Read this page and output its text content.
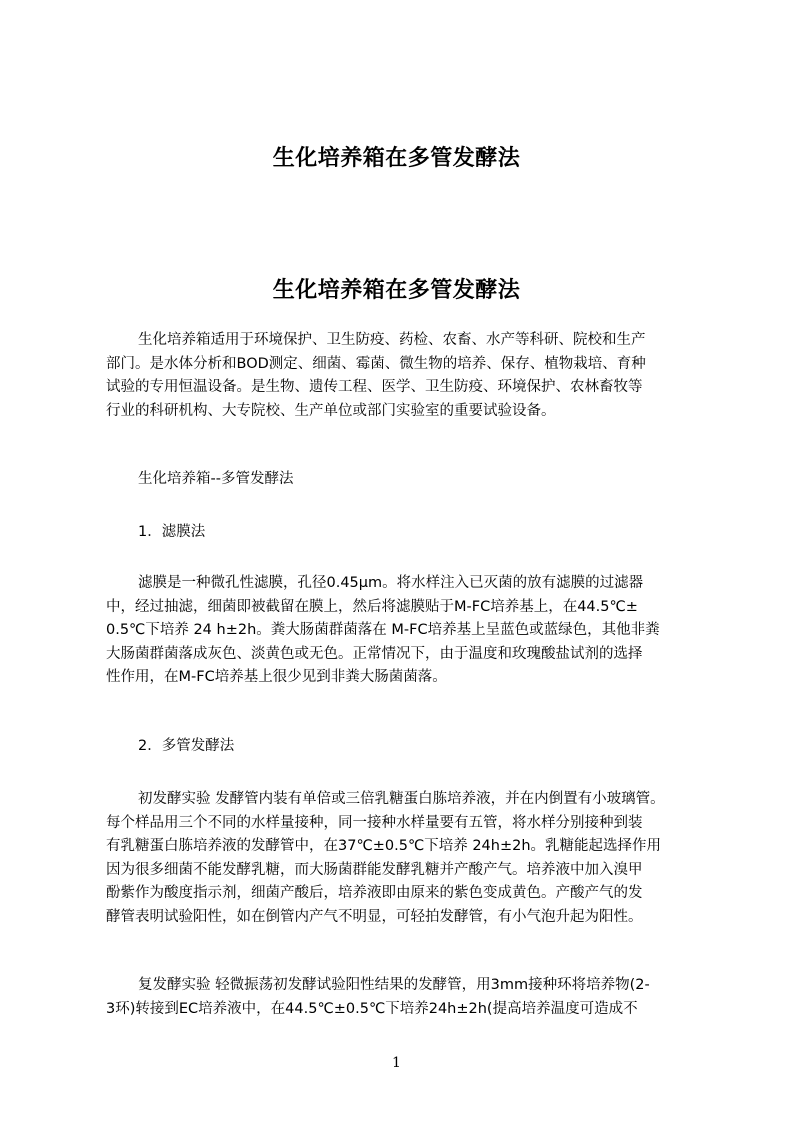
生化培养箱在多管发酵法
生化培养箱在多管发酵法

生化培养箱适用于环境保护、卫生防疫、药检、农畜、水产等科研、院校和生产

部门。是水体分析和BOD测定、细菌、霉菌、微生物的培养、保存、植物栽培、育种

试验的专用恒温设备。是生物、遗传工程、医学、卫生防疫、环境保护、农林畜牧等

行业的科研机构、大专院校、生产单位或部门实验室的重要试验设备。

生化培养箱--多管发酵法
1．滤膜法

滤膜是一种微孔性滤膜，孔径0.45μm。将水样注入已灭菌的放有滤膜的过滤器

中，经过抽滤，细菌即被截留在膜上，然后将滤膜贴于M-FC培养基上，在44.5℃±

0.5℃下培养 24 h±2h。粪大肠菌群菌落在 M-FC培养基上呈蓝色或蓝绿色，其他非粪

大肠菌群菌落成灰色、淡黄色或无色。正常情况下，由于温度和玫瑰酸盐试剂的选择

性作用，在M-FC培养基上很少见到非粪大肠菌菌落。

2．多管发酵法

初发酵实验 发酵管内装有单倍或三倍乳糖蛋白胨培养液，并在内倒置有小玻璃管。

每个样品用三个不同的水样量接种，同一接种水样量要有五管，将水样分别接种到装

有乳糖蛋白胨培养液的发酵管中，在37℃±0.5℃下培养 24h±2h。乳糖能起选择作用

因为很多细菌不能发酵乳糖，而大肠菌群能发酵乳糖并产酸产气。培养液中加入溴甲

酚紫作为酸度指示剂，细菌产酸后，培养液即由原来的紫色变成黄色。产酸产气的发

酵管表明试验阳性，如在倒管内产气不明显，可轻拍发酵管，有小气泡升起为阳性。

复发酵实验 轻微振荡初发酵试验阳性结果的发酵管，用3mm接种环将培养物(2-

3环)转接到EC培养液中，在44.5℃±0.5℃下培养24h±2h(提高培养温度可造成不

1
